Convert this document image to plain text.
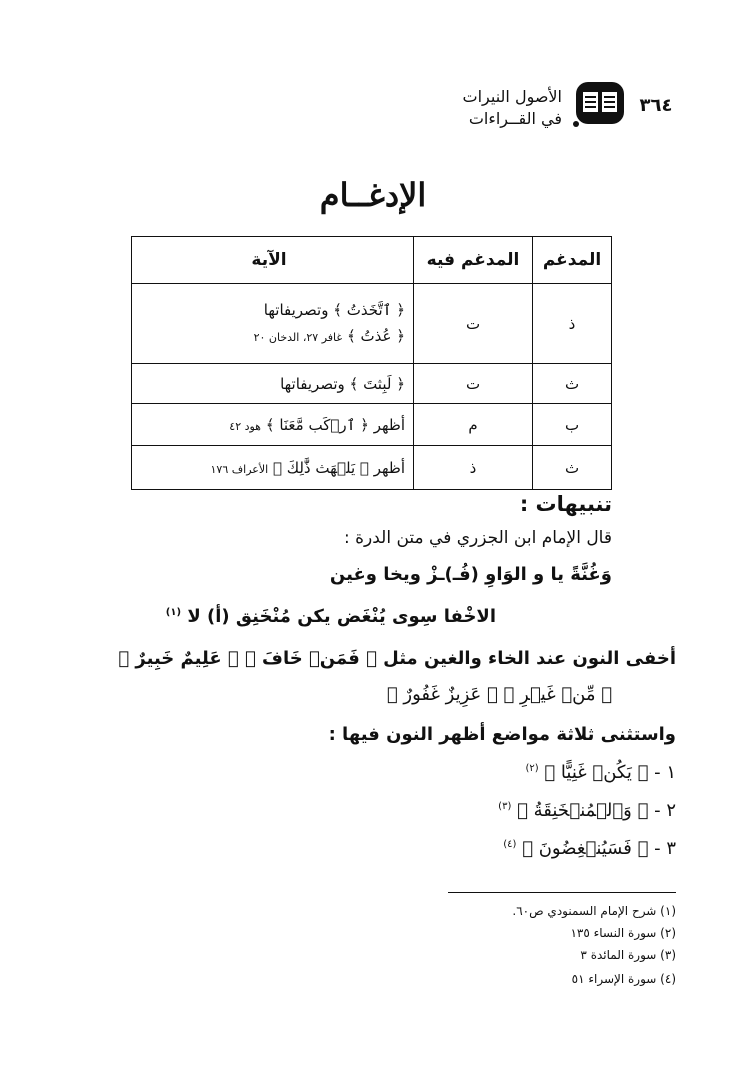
الأصول النيرات
في القــراءات
٣٦٤
الإدغــام
المدغم	المدغم فيه	الآية
ذ	ت	﴿ ٱتَّخَذتُ ﴾ وتصريفاتها
﴿ عُذتُ ﴾ غافر ٢٧، الدخان ٢٠

ث	ت	﴿ لَبِثتَ ﴾ وتصريفاتها
ب	م	أظهر ﴿ ٱرۡكَب مَّعَنَا ﴾ هود ٤٢
ث	ذ	أظهر ﴿ يَلۡهَث ذَّٰلِكَ ﴾ الأعراف ١٧٦
تنبيهات :
قال الإمام ابن الجزري في متن الدرة :
وَغُنَّةً يا و الوَاوِ (فُـ)ـزْ ويخا وغين
الاخْفا سِوى يُنْغَض يكن مُنْخَنِق (أ) لا $^{(١)}$
أخفى النون عند الخاء والغين مثل ﴿ فَمَنۡ خَافَ ﴾ ﴿ عَلِيمٌ خَبِيرٌ ﴾
﴿ مِّنۡ غَيۡرِ ﴾ ﴿ عَزِيزٌ غَفُورٌ ﴾
واستثنى ثلاثة مواضع أظهر النون فيها :
١ - ﴿ يَكُنۡ غَنِيًّا ﴾ $^{(٢)}$
٢ - ﴿ وَٱلۡمُنۡخَنِقَةُ ﴾ $^{(٣)}$
٣ - ﴿ فَسَيُنۡغِضُونَ ﴾ $^{(٤)}$
(١) شرح الإمام السمنودي ص٦٠.
(٢) سورة النساء ١٣٥
(٣) سورة المائدة ٣
(٤) سورة الإسراء ٥١
